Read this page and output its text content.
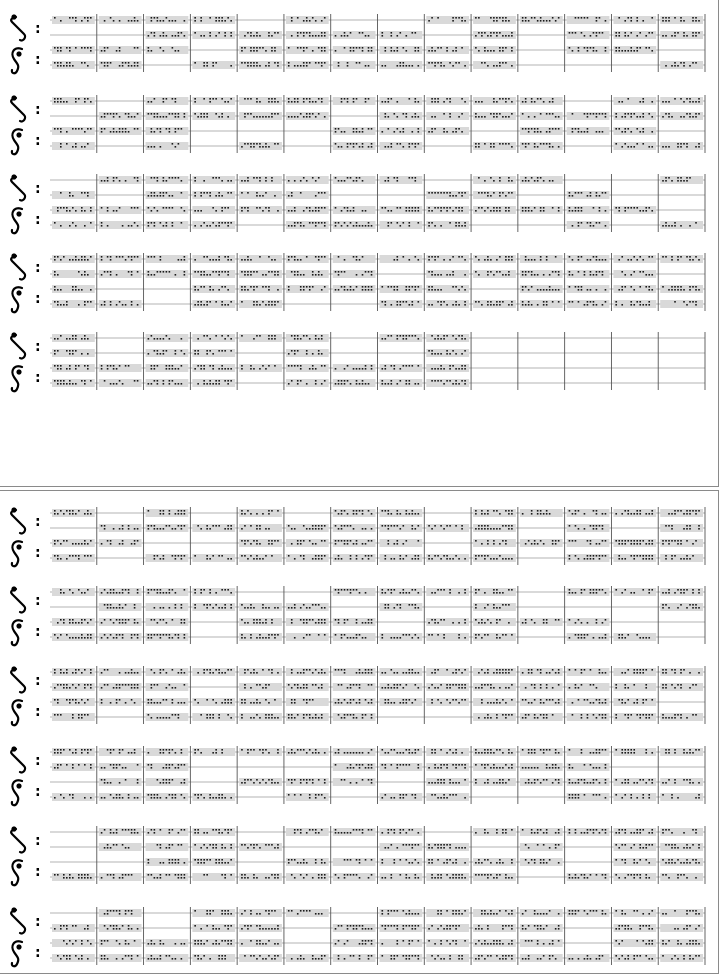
:
:
:
:
:
:
:
:
:
:
:
:
:
:
:
:
:
:
:
:
:
:
